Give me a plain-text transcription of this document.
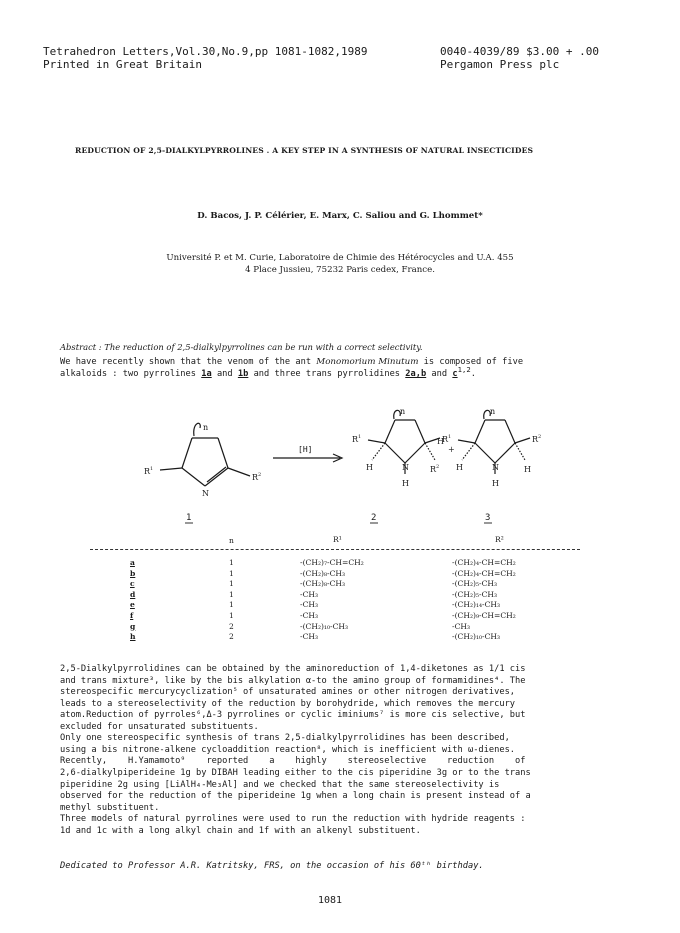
Tetrahedron Letters,Vol.30,No.9,pp 1081-1082,1989
Printed in Great Britain
0040-4039/89 $3.00 + .00
Pergamon Press plc
REDUCTION OF 2,5-DIALKYLPYRROLINES . A KEY STEP IN A SYNTHESIS OF NATURAL INSECTICIDES
D. Bacos, J. P. Célérier, E. Marx, C. Saliou and G. Lhommet*
Université P. et M. Curie, Laboratoire de Chimie des Hétérocycles and U.A. 455
4 Place Jussieu, 75232 Paris cedex, France.
Abstract : The reduction of 2,5-dialkylpyrrolines can be run with a correct selectivity.
We have recently shown that the venom of the ant Monomorium Minutum is composed of five
alkaloids : two pyrrolines 1a and 1b and three trans pyrrolidines 2a,b and $c^{1,2}$.
n
$R^1$
N
$R^2$
[H]
n
$R^1$	H
H	N	$R^2$
H
+
n
$R^1$	$R^2$
H	N	H
H
1	2	3
n	R¹	R²
a	1	-(CH₂)₇-CH=CH₂	-(CH₂)₄-CH=CH₂
b	1	-(CH₂)₈-CH₃	-(CH₂)₄-CH=CH₂
c	1	-(CH₂)₈-CH₃	-(CH₂)₅-CH₃
d	1	-CH₃	-(CH₂)₅-CH₃
e	1	-CH₃	-(CH₂)₁₄-CH₃
f	1	-CH₃	-(CH₂)₉-CH=CH₂
g	2	-(CH₂)₁₀-CH₃	-CH₃
h	2	-CH₃	-(CH₂)₁₀-CH₃
2,5-Dialkylpyrrolidines can be obtained by the aminoreduction of 1,4-diketones as 1/1 cis
and trans mixture³, like by the bis alkylation α-to the amino group of formamidines⁴. The
stereospecific mercurycyclization⁵ of unsaturated amines or other nitrogen derivatives,
leads to a stereoselectivity of the reduction by borohydride, which removes the mercury
atom.Reduction of pyrroles⁶,Δ-3 pyrrolines or cyclic iminiums⁷ is more cis selective, but
excluded for unsaturated substituents.
Only one stereospecific synthesis of trans 2,5-dialkylpyrrolidines has been described,
using a bis nitrone-alkene cycloaddition reaction⁸, which is inefficient with ω-dienes.
Recently,    H.Yamamoto⁹    reported    a    highly    stereoselective    reduction    of
2,6-dialkylpiperideine 1g by DIBAH leading either to the cis piperidine 3g or to the trans
piperidine 2g using [LiAlH₄-Me₃Al] and we checked that the same stereoselectivity is
observed for the reduction of the piperideine 1g when a long chain is present instead of a
methyl substituent.
Three models of natural pyrrolines were used to run the reduction with hydride reagents :
1d and 1c with a long alkyl chain and 1f with an alkenyl substituent.
Dedicated to Professor A.R. Katritsky, FRS, on the occasion of his 60ᵗʰ birthday.
1081
